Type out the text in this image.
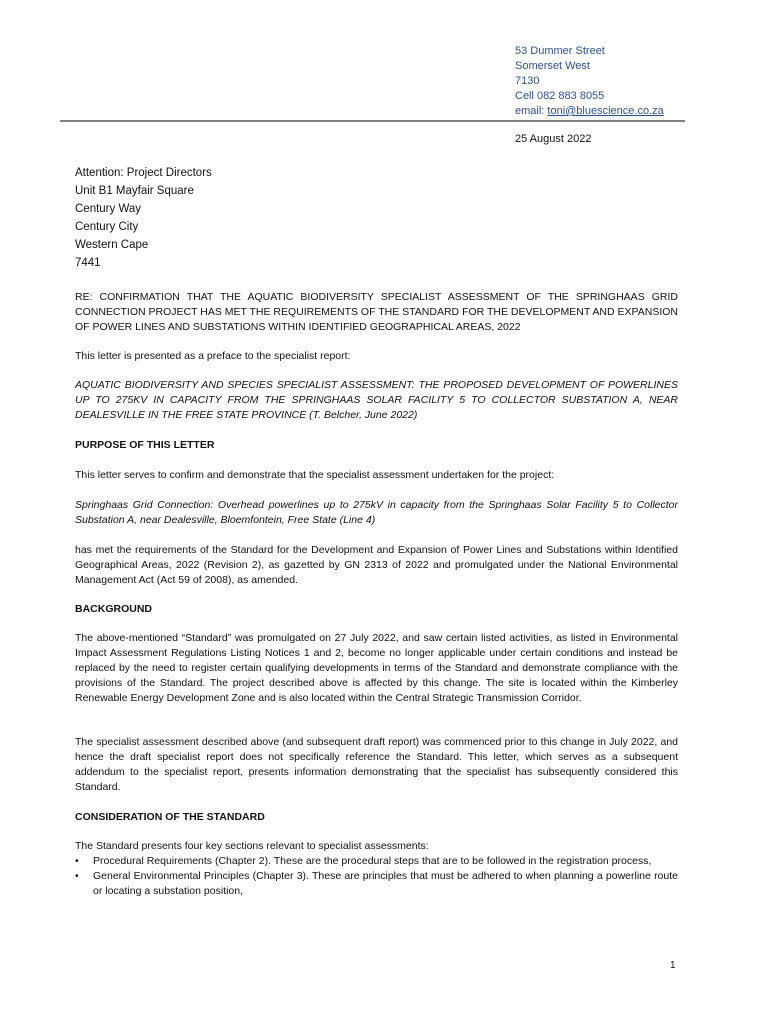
53 Dummer Street
Somerset West
7130
Cell 082 883 8055
email: toni@bluescience.co.za
25 August 2022
Attention: Project Directors
Unit B1 Mayfair Square
Century Way
Century City
Western Cape
7441
RE: CONFIRMATION THAT THE AQUATIC BIODIVERSITY SPECIALIST ASSESSMENT OF THE SPRINGHAAS GRID CONNECTION PROJECT HAS MET THE REQUIREMENTS OF THE STANDARD FOR THE DEVELOPMENT AND EXPANSION OF POWER LINES AND SUBSTATIONS WITHIN IDENTIFIED GEOGRAPHICAL AREAS, 2022
This letter is presented as a preface to the specialist report:
AQUATIC BIODIVERSITY AND SPECIES SPECIALIST ASSESSMENT: THE PROPOSED DEVELOPMENT OF POWERLINES UP TO 275KV IN CAPACITY FROM THE SPRINGHAAS SOLAR FACILITY 5 TO COLLECTOR SUBSTATION A, NEAR DEALESVILLE IN THE FREE STATE PROVINCE (T. Belcher, June 2022)
PURPOSE OF THIS LETTER
This letter serves to confirm and demonstrate that the specialist assessment undertaken for the project:
Springhaas Grid Connection: Overhead powerlines up to 275kV in capacity from the Springhaas Solar Facility 5 to Collector Substation A, near Dealesville, Bloemfontein, Free State (Line 4)
has met the requirements of the Standard for the Development and Expansion of Power Lines and Substations within Identified Geographical Areas, 2022 (Revision 2), as gazetted by GN 2313 of 2022 and promulgated under the National Environmental Management Act (Act 59 of 2008), as amended.
BACKGROUND
The above-mentioned “Standard” was promulgated on 27 July 2022, and saw certain listed activities, as listed in Environmental Impact Assessment Regulations Listing Notices 1 and 2, become no longer applicable under certain conditions and instead be replaced by the need to register certain qualifying developments in terms of the Standard and demonstrate compliance with the provisions of the Standard. The project described above is affected by this change. The site is located within the Kimberley Renewable Energy Development Zone and is also located within the Central Strategic Transmission Corridor.
The specialist assessment described above (and subsequent draft report) was commenced prior to this change in July 2022, and hence the draft specialist report does not specifically reference the Standard. This letter, which serves as a subsequent addendum to the specialist report, presents information demonstrating that the specialist has subsequently considered this Standard.
CONSIDERATION OF THE STANDARD
The Standard presents four key sections relevant to specialist assessments:
• Procedural Requirements (Chapter 2). These are the procedural steps that are to be followed in the registration process,
• General Environmental Principles (Chapter 3). These are principles that must be adhered to when planning a powerline route or locating a substation position,
1
